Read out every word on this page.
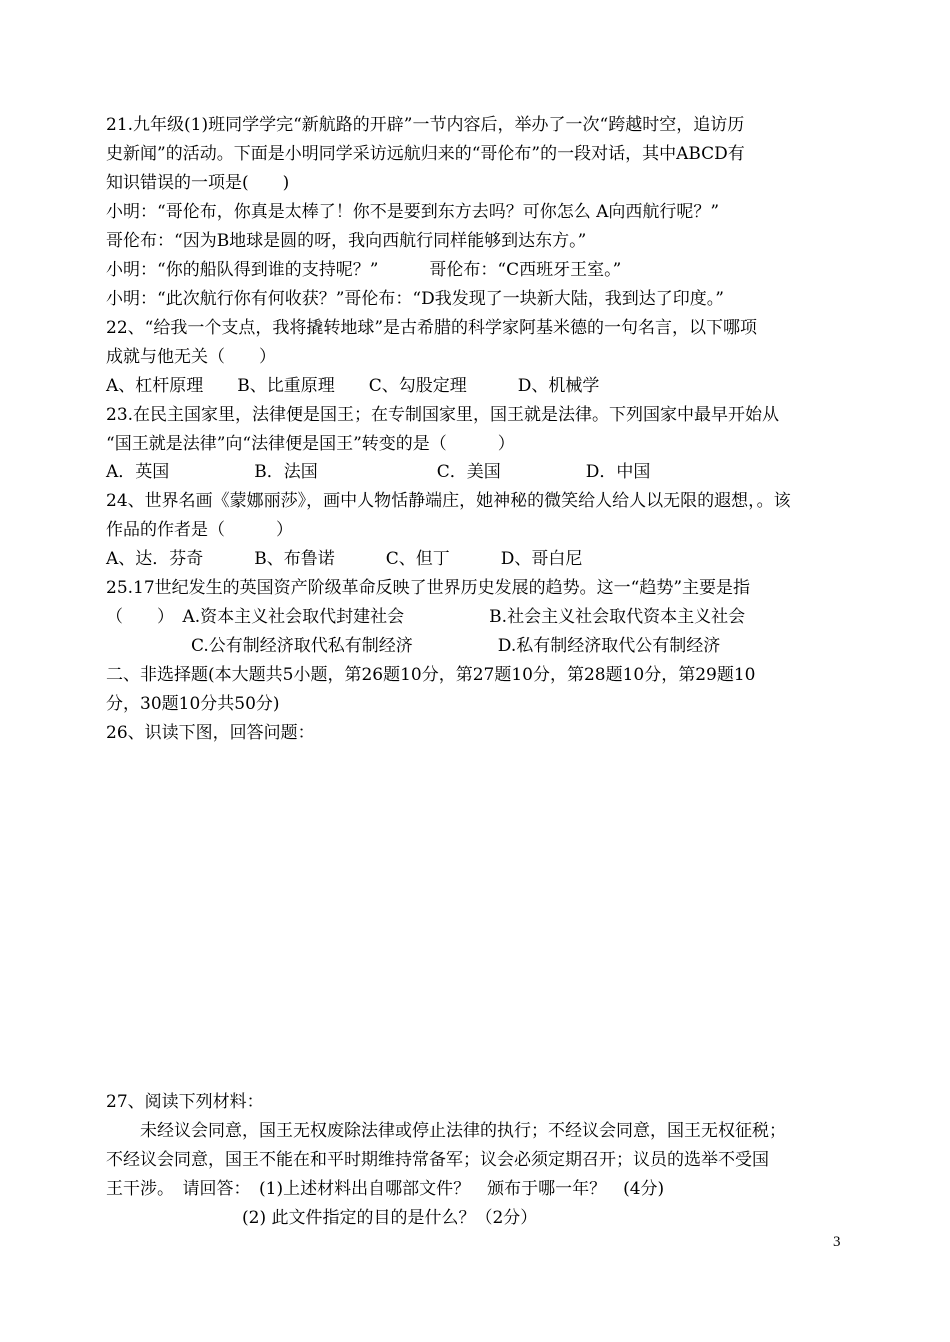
21.九年级(1)班同学学完“新航路的开辟”一节内容后，举办了一次“跨越时空，追访历
史新闻”的活动。下面是小明同学采访远航归来的“哥伦布”的一段对话，其中ABCD有
知识错误的一项是(　　)
小明：“哥伦布，你真是太棒了！你不是要到东方去吗？可你怎么 A向西航行呢？”
哥伦布：“因为B地球是圆的呀，我向西航行同样能够到达东方。”
小明：“你的船队得到谁的支持呢？”　　　哥伦布：“C西班牙王室。”
小明：“此次航行你有何收获？”哥伦布：“D我发现了一块新大陆，我到达了印度。”
22、“给我一个支点，我将撬转地球”是古希腊的科学家阿基米德的一句名言，以下哪项
成就与他无关（　　）
A、杠杆原理　　B、比重原理　　C、勾股定理　　　D、机械学
23.在民主国家里，法律便是国王；在专制国家里，国王就是法律。下列国家中最早开始从
“国王就是法律”向“法律便是国王”转变的是（　　　）
A．英国　　　　　B．法国　　　　　　　C．美国　　　　　D．中国
24、世界名画《蒙娜丽莎》，画中人物恬静端庄，她神秘的微笑给人给人以无限的遐想，。该
作品的作者是（　　　）
A、达．芬奇　　　B、布鲁诺　　　C、但丁　　　D、哥白尼
25.17世纪发生的英国资产阶级革命反映了世界历史发展的趋势。这一“趋势”主要是指
（　　）　A.资本主义社会取代封建社会　　　　　B.社会主义社会取代资本主义社会
　　　　　C.公有制经济取代私有制经济　　　　　D.私有制经济取代公有制经济
二、非选择题(本大题共5小题，第26题10分，第27题10分，第28题10分，第29题10
分，30题10分共50分)
26、识读下图，回答问题：
27、阅读下列材料：
　　未经议会同意，国王无权废除法律或停止法律的执行；不经议会同意，国王无权征税；
不经议会同意，国王不能在和平时期维持常备军；议会必须定期召开；议员的选举不受国
王干涉。　请回答：　(1)上述材料出自哪部文件？　颁布于哪一年？　(4分)
　　　　　　　　(2) 此文件指定的目的是什么？（2分）
3
